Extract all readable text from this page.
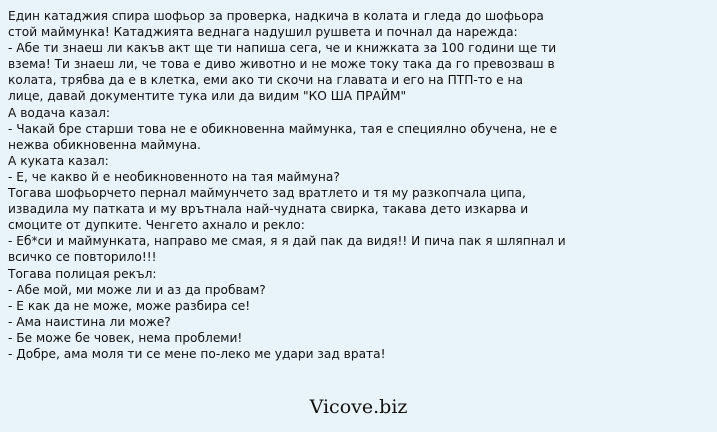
Един катаджия спира шофьор за проверка, надкича в колата и гледа до шофьора
стой маймунка! Катаджията веднага надушил рушвета и почнал да нарежда:
- Абе ти знаеш ли какъв акт ще ти напиша сега, че и книжката за 100 години ще ти
взема! Ти знаеш ли, че това е диво животно и не може току така да го превозваш в
колата, трябва да е в клетка, еми ако ти скочи на главата и его на ПТП-то е на
лице, давай документите тука или да видим "КО ША ПРАЙМ"
А водача казал:
- Чакай бре старши това не е обикновенна маймунка, тая е специялно обучена, не е
нежва обикновенна маймуна.
А куката казал:
- Е, че какво й е необикновенното на тая маймуна?
Тогава шофьорчето пернал маймунчето зад вратлето и тя му разкопчала ципа,
извадила му патката и му врътнала най-чудната свирка, такава дето изкарва и
смоците от дупките. Ченгето ахнало и рекло:
- Еб*си и маймунката, направо ме смая, я я дай пак да видя!! И пича пак я шляпнал и
всичко се повторило!!!
Тогава полицая рекъл:
- Абе мой, ми може ли и аз да пробвам?
- Е как да не може, може разбира се!
- Ама наистина ли може?
- Бе може бе човек, нема проблеми!
- Добре, ама моля ти се мене по-леко ме удари зад врата!
Vicove.biz
